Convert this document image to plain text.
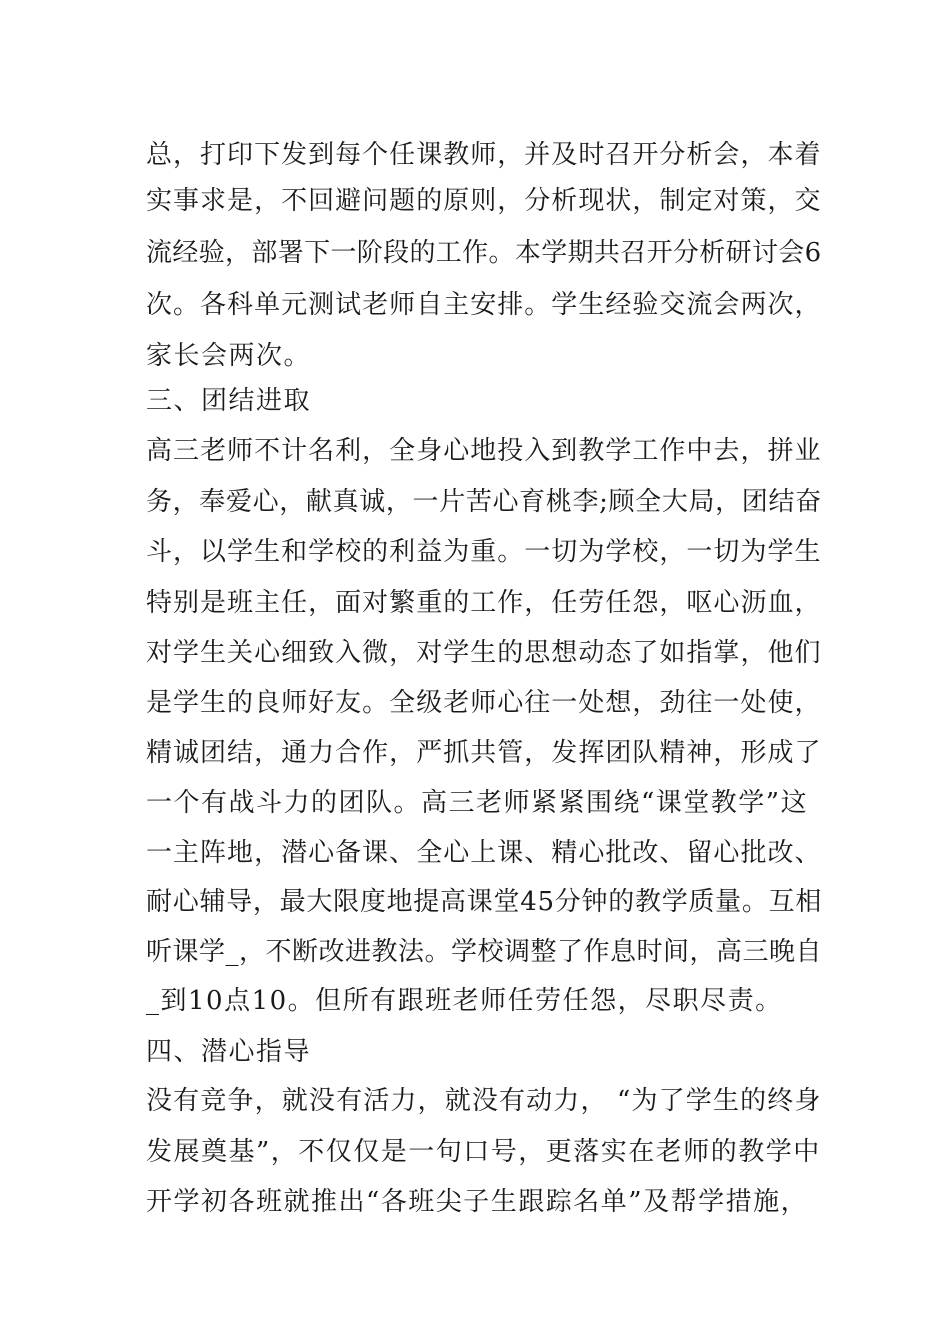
总，打印下发到每个任课教师，并及时召开分析会，本着
实事求是，不回避问题的原则，分析现状，制定对策，交
流经验，部署下一阶段的工作。本学期共召开分析研讨会6
次。各科单元测试老师自主安排。学生经验交流会两次，
家长会两次。
三、团结进取
高三老师不计名利，全身心地投入到教学工作中去，拼业
务，奉爱心，献真诚，一片苦心育桃李;顾全大局，团结奋
斗，以学生和学校的利益为重。一切为学校，一切为学生
特别是班主任，面对繁重的工作，任劳任怨，呕心沥血，
对学生关心细致入微，对学生的思想动态了如指掌，他们
是学生的良师好友。全级老师心往一处想，劲往一处使，
精诚团结，通力合作，严抓共管，发挥团队精神，形成了
一个有战斗力的团队。高三老师紧紧围绕“课堂教学”这
一主阵地，潜心备课、全心上课、精心批改、留心批改、
耐心辅导，最大限度地提高课堂45分钟的教学质量。互相
听课学_，不断改进教法。学校调整了作息时间，高三晚自
_到10点10。但所有跟班老师任劳任怨，尽职尽责。
四、潜心指导
没有竞争，就没有活力，就没有动力， “为了学生的终身
发展奠基”，不仅仅是一句口号，更落实在老师的教学中
开学初各班就推出“各班尖子生跟踪名单”及帮学措施，
